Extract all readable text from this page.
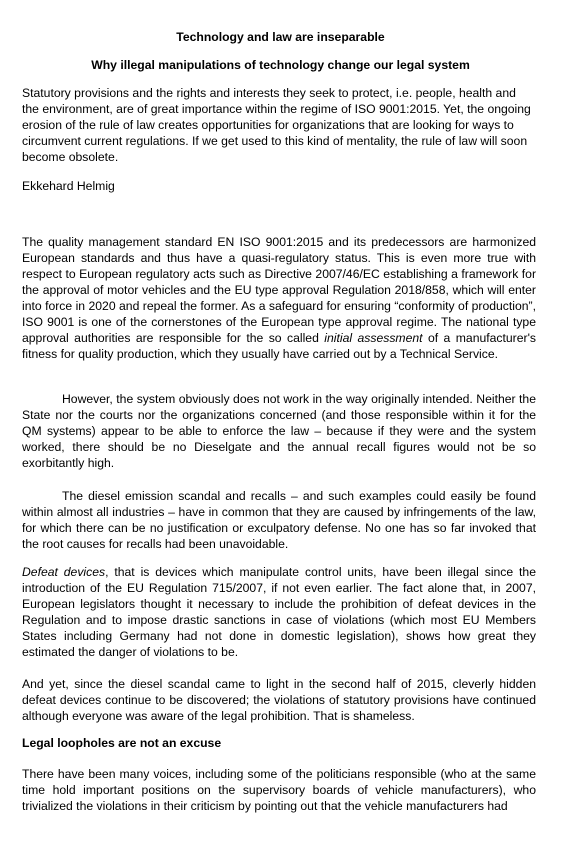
Technology and law are inseparable
Why illegal manipulations of technology change our legal system

Statutory provisions and the rights and interests they seek to protect, i.e. people, health and the environment, are of great importance within the regime of ISO 9001:2015. Yet, the ongoing erosion of the rule of law creates opportunities for organizations that are looking for ways to circumvent current regulations. If we get used to this kind of mentality, the rule of law will soon become obsolete.

Ekkehard Helmig

The quality management standard EN ISO 9001:2015 and its predecessors are harmonized European standards and thus have a quasi-regulatory status. This is even more true with respect to European regulatory acts such as Directive 2007/46/EC establishing a framework for the approval of motor vehicles and the EU type approval Regulation 2018/858, which will enter into force in 2020 and repeal the former. As a safeguard for ensuring “conformity of production”, ISO 9001 is one of the cornerstones of the European type approval regime. The national type approval authorities are responsible for the so called initial assessment of a manufacturer's fitness for quality production, which they usually have carried out by a Technical Service.

However, the system obviously does not work in the way originally intended. Neither the State nor the courts nor the organizations concerned (and those responsible within it for the QM systems) appear to be able to enforce the law – because if they were and the system worked, there should be no Dieselgate and the annual recall figures would not be so exorbitantly high.

The diesel emission scandal and recalls – and such examples could easily be found within almost all industries – have in common that they are caused by infringements of the law, for which there can be no justification or exculpatory defense. No one has so far invoked that the root causes for recalls had been unavoidable.

Defeat devices, that is devices which manipulate control units, have been illegal since the introduction of the EU Regulation 715/2007, if not even earlier. The fact alone that, in 2007, European legislators thought it necessary to include the prohibition of defeat devices in the Regulation and to impose drastic sanctions in case of violations (which most EU Members States including Germany had not done in domestic legislation), shows how great they estimated the danger of violations to be.

And yet, since the diesel scandal came to light in the second half of 2015, cleverly hidden defeat devices continue to be discovered; the violations of statutory provisions have continued although everyone was aware of the legal prohibition. That is shameless.

Legal loopholes are not an excuse

There have been many voices, including some of the politicians responsible (who at the same time hold important positions on the supervisory boards of vehicle manufacturers), who trivialized the violations in their criticism by pointing out that the vehicle manufacturers had
